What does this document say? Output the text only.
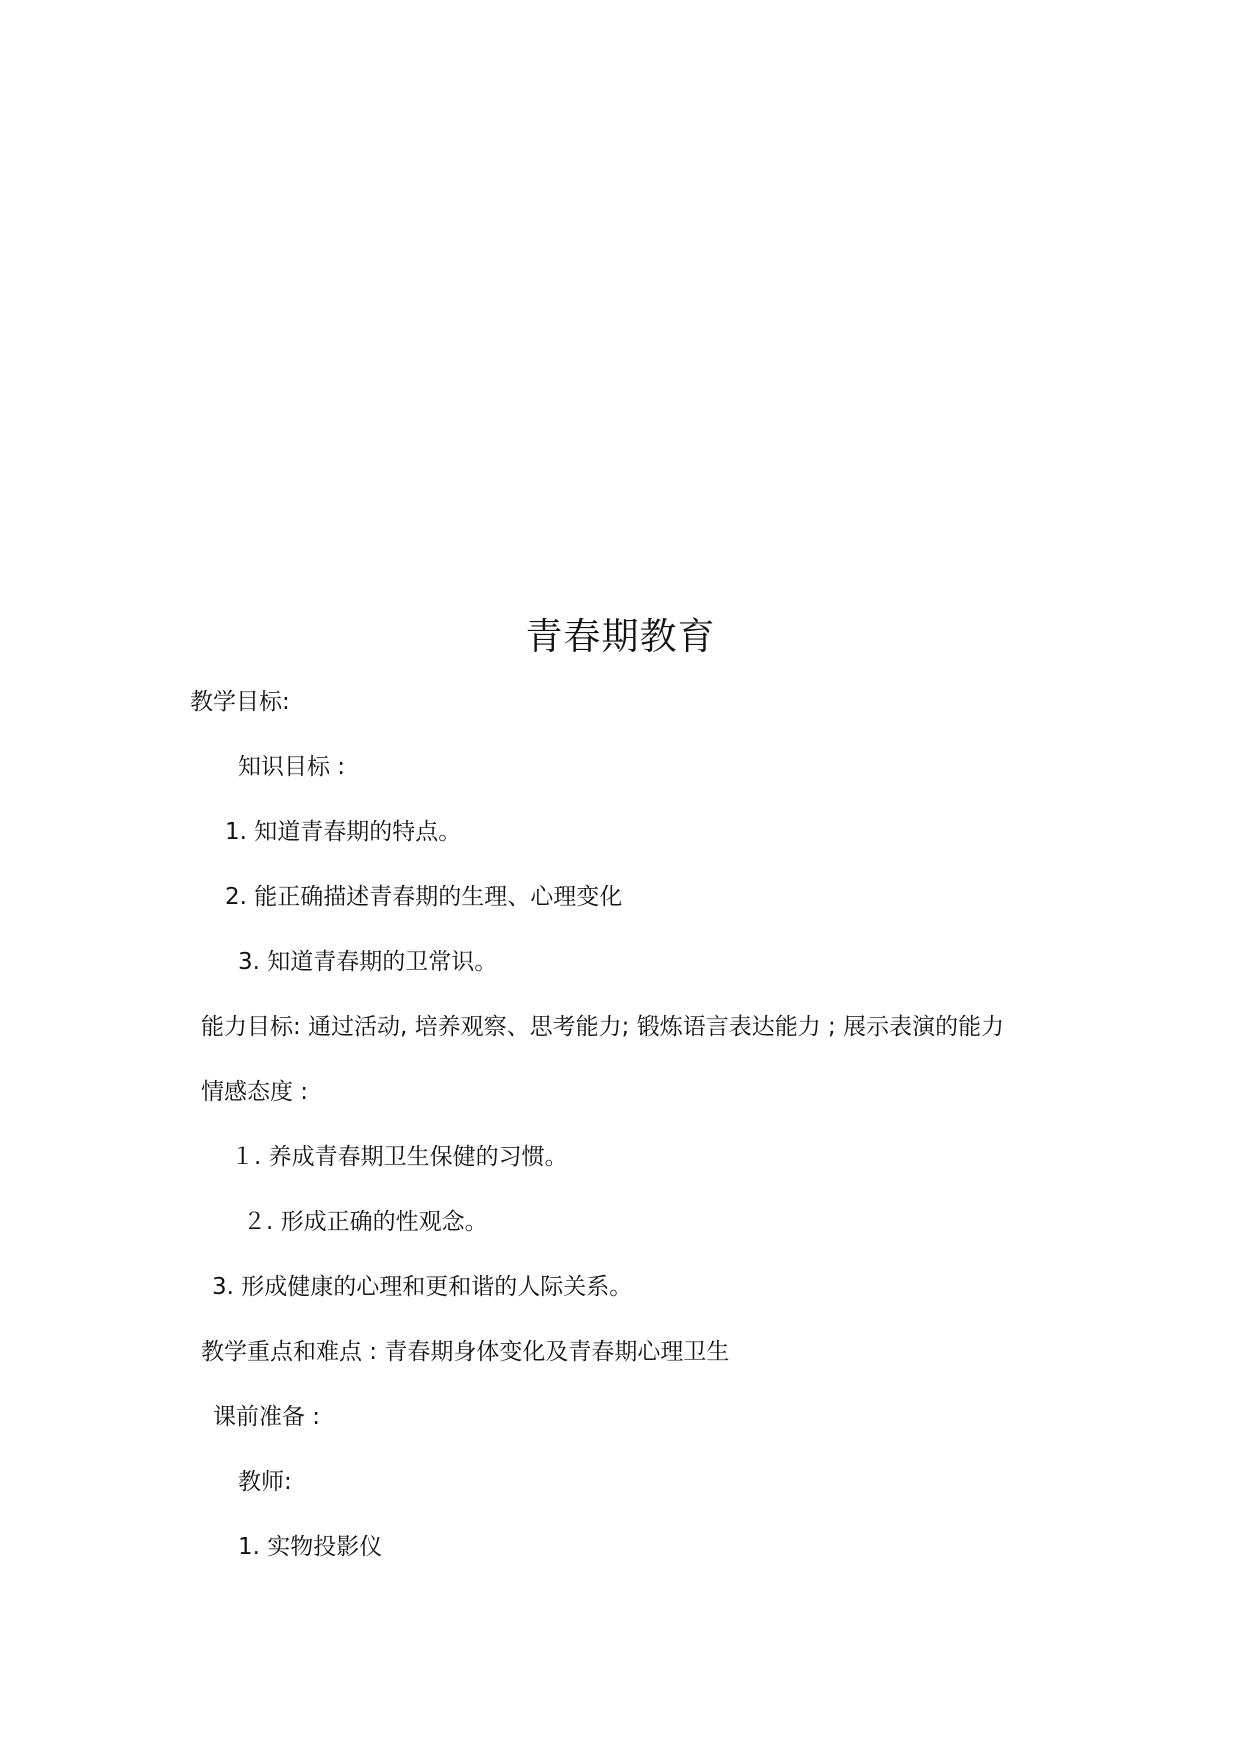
青春期教育
教学目标:
知识目标 :
1. 知道青春期的特点。
2. 能正确描述青春期的生理、心理变化
3. 知道青春期的卫常识。
能力目标: 通过活动, 培养观察、思考能力; 锻炼语言表达能力 ; 展示表演的能力
情感态度 :
１. 养成青春期卫生保健的习惯。
２. 形成正确的性观念。
3. 形成健康的心理和更和谐的人际关系。
教学重点和难点 : 青春期身体变化及青春期心理卫生
课前准备 :
教师:
1. 实物投影仪
